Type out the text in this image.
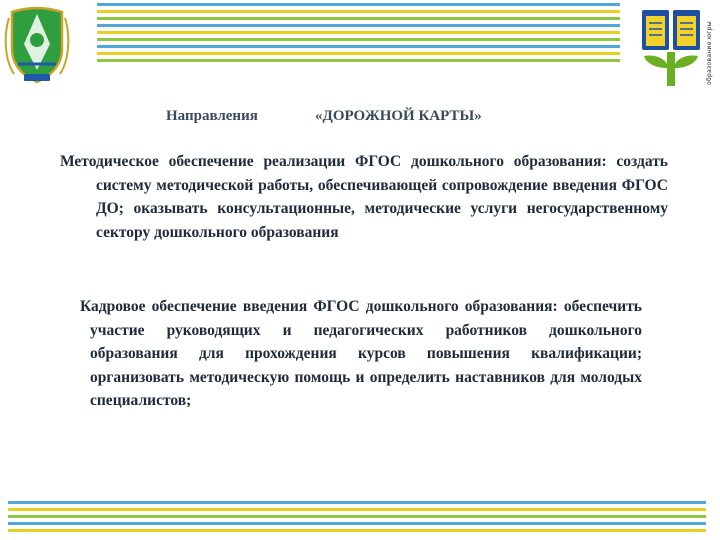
образование югры
Направления	«ДОРОЖНОЙ КАРТЫ»
Методическое обеспечение реализации ФГОС дошкольного образования: создать систему методической работы, обеспечивающей сопровождение введения ФГОС ДО; оказывать консультационные, методические услуги негосударственному сектору дошкольного образования
Кадровое обеспечение введения ФГОС дошкольного образования: обеспечить участие руководящих и педагогических работников дошкольного образования для прохождения курсов повышения квалификации; организовать методическую помощь и определить наставников для молодых специалистов;
